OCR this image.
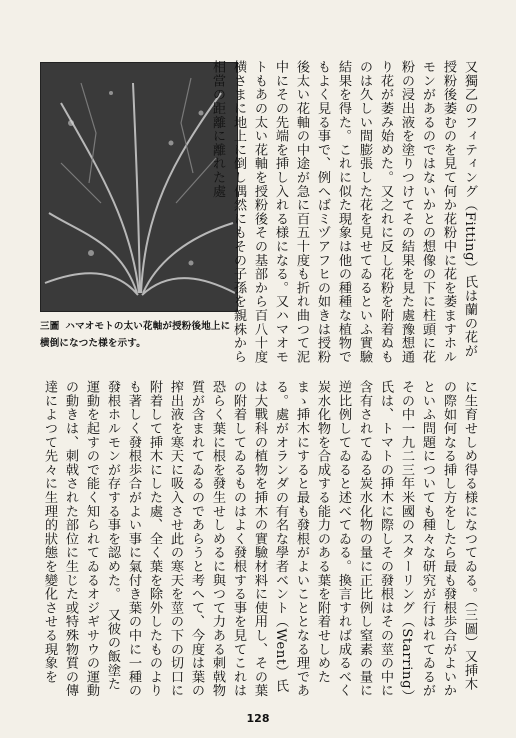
三圖 ハマオモトの太い花軸が授粉後地上に横倒になつた様を示す。	又獨乙のフィティング（Fitting）氏は蘭の花が授粉後萎むのを見て何か花粉中に花を萎ますホルモンがあるのではないかとの想像の下に柱頭に花粉の浸出液を塗りつけてその結果を見た處豫想通り花が萎み始めた。又之れに反し花粉を附着ぬものは久しい間膨張した花を見せてゐるといふ實驗結果を得た。これに似た現象は他の種種な植物でもよく見る事で、例へばミヅアフヒの如きは授粉後太い花軸の中途が急に百五十度も折れ曲つて泥中にその先端を挿し入れる様になる。又ハマオモトもあの太い花軸を授粉後その基部から百八十度横さまに地上に倒し偶然にもその子孫を親株から相當の距離に離れた處
に生育せしめ得る様になつてゐる。（三圖）又挿木の際如何なる挿し方をしたら最も發根歩合がよいかといふ問題についても種々な研究が行はれてゐるがその中一九二三年米國のスターリング（Starring）氏は、トマトの挿木に際しその發根はその莖の中に含有されてゐる炭水化物の量に正比例し窒素の量に逆比例してゐると述べてゐる。換言すれば成るべく炭水化物を合成する能力のある葉を附着せしめたまゝ挿木にすると最も發根がよいこととなる理である。處がオランダの有名な學者ベント（Went）氏は大戰科の植物を挿木の實驗材料に使用し、その葉の附着してゐるものはよく發根する事を見てこれは恐らく葉に根を發生せしめるに與つて力ある刺戟物質が含まれてゐるのであらうと考へて、今度は葉の搾出液を寒天に吸入させ此の寒天を莖の下の切口に附着して挿木にした處、全く葉を除外したものよりも著しく發根歩合がよい事に氣付き葉の中に一種の發根ホルモンが存する事を認めた。　又彼の飯塗た運動を起すので能く知られてゐるオジギサウの運動の動きは、刺戟された部位に生じた或特殊物質の傳達によつて先々に生理的狀態を變化させる現象を
128
